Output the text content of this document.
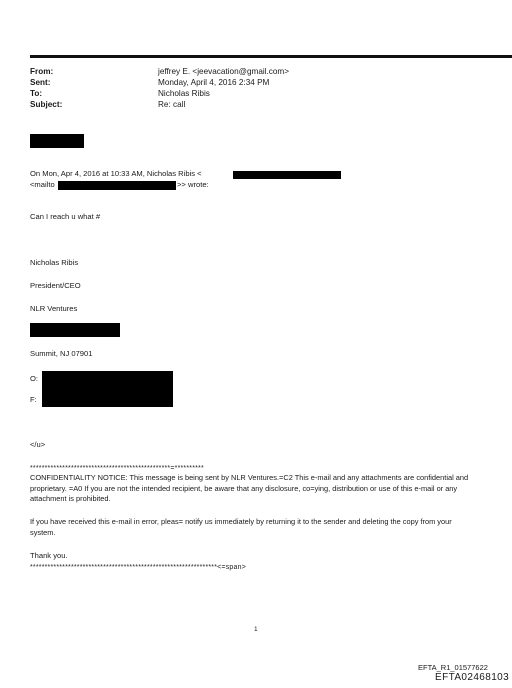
From:	jeffrey E. <jeevacation@gmail.com>
Sent:	Monday, April 4, 2016 2:34 PM
To:	Nicholas Ribis
Subject:	Re: call
On Mon, Apr 4, 2016 at 10:33 AM, Nicholas Ribis <
<mailto	>> wrote:
Can I reach u what #
Nicholas Ribis
President/CEO
NLR Ventures
Summit, NJ 07901
O:
F:
</u>
************************************************=**********
CONFIDENTIALITY NOTICE: This message is being sent by NLR Ventures.=C2 This e-mail and any attachments are confidential and proprietary. =A0 If you are not the intended recipient, be aware that any disclosure, co=ying, distribution or use of this e-mail or any attachment is prohibited.
If you have received this e-mail in error, pleas= notify us immediately by returning it to the sender and deleting the copy from your system.
Thank you.
****************************************************************<=span>
1
EFTA_R1_01577622
EFTA02468103
